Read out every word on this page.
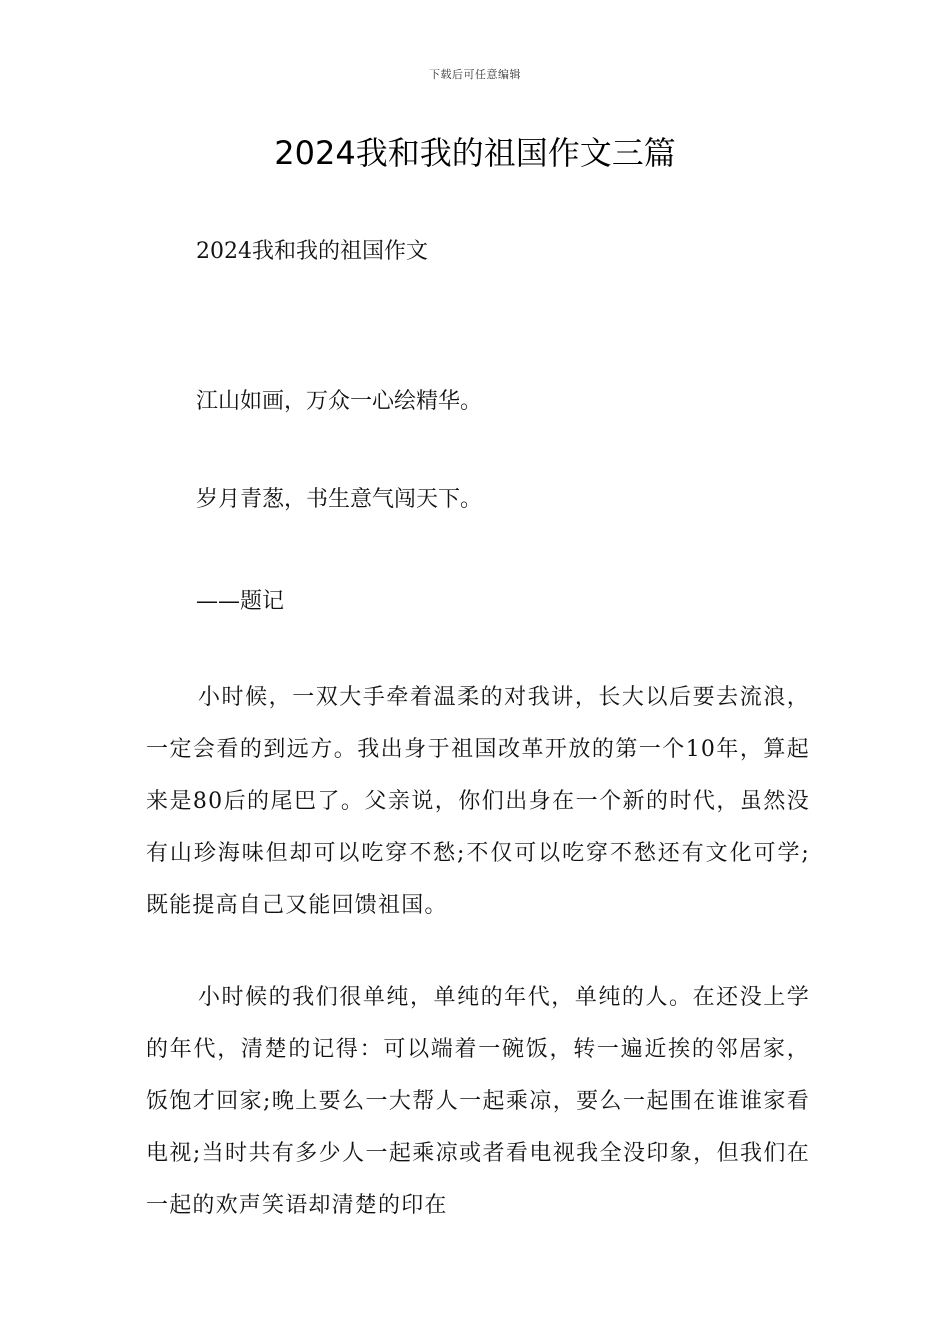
下载后可任意编辑
2024我和我的祖国作文三篇
2024我和我的祖国作文

江山如画，万众一心绘精华。

岁月青葱，书生意气闯天下。

——题记

小时候，一双大手牵着温柔的对我讲，长大以后要去流浪，一定会看的到远方。我出身于祖国改革开放的第一个10年，算起来是80后的尾巴了。父亲说，你们出身在一个新的时代，虽然没有山珍海味但却可以吃穿不愁;不仅可以吃穿不愁还有文化可学;既能提高自己又能回馈祖国。

小时候的我们很单纯，单纯的年代，单纯的人。在还没上学的年代，清楚的记得：可以端着一碗饭，转一遍近挨的邻居家，饭饱才回家;晚上要么一大帮人一起乘凉，要么一起围在谁谁家看电视;当时共有多少人一起乘凉或者看电视我全没印象，但我们在一起的欢声笑语却清楚的印在
